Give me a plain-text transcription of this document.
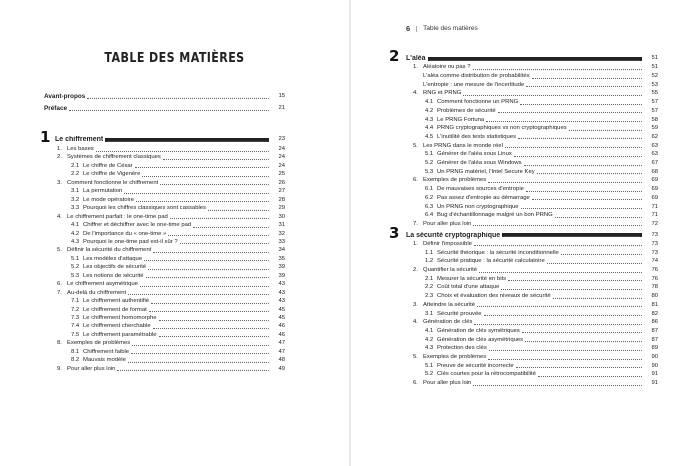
TABLE DES MATIÈRES
Avant-propos	15
Préface	21
1 Le chiffrement	23
1. Les bases	24
2. Systèmes de chiffrement classiques	24
2.1 Le chiffre de César	24
2.2 Le chiffre de Vigenère	25
3. Comment fonctionne le chiffrement	26
3.1 La permutation	27
3.2 Le mode opératoire	28
3.3 Pourquoi les chiffres classiques sont cassables	29
4. Le chiffrement parfait : le one-time pad	30
4.1 Chiffrer et déchiffrer avec le one-time pad	31
4.2 De l'importance du « one-time »	32
4.3 Pourquoi le one-time pad est-il sûr ?	33
5. Définir la sécurité du chiffrement	34
5.1 Les modèles d'attaque	35
5.2 Les objectifs de sécurité	39
5.3 Les notions de sécurité	39
6. Le chiffrement asymétrique	43
7. Au-delà du chiffrement	43
7.1 Le chiffrement authentifié	43
7.2 Le chiffrement de format	45
7.3 Le chiffrement homomorphe	45
7.4 Le chiffrement cherchable	46
7.5 Le chiffrement paramétrable	46
8. Exemples de problèmes	47
8.1 Chiffrement faible	47
8.2 Mauvais modèle	48
9. Pour aller plus loin	49
6 Table des matières
2 L'aléa	51
1. Aléatoire ou pas ?	51
L'aléa comme distribution de probabilités	52
L'entropie : une mesure de l'incertitude	53
4. RNG et PRNG	55
4.1 Comment fonctionne un PRNG	57
4.2 Problèmes de sécurité	57
4.3 Le PRNG Fortuna	58
4.4 PRNG cryptographiques vs non cryptographiques	59
4.5 L'inutilité des tests statistiques	62
5. Les PRNG dans le monde réel	63
5.1 Générer de l'aléa sous Linux	63
5.2 Générer de l'aléa sous Windows	67
5.3 Un PRNG matériel, l'Intel Secure Key	68
6. Exemples de problèmes	69
6.1 De mauvaises sources d'entropie	69
6.2 Pas assez d'entropie au démarrage	69
6.3 Un PRNG non cryptographique	71
6.4 Bug d'échantillonnage malgré un bon PRNG	71
7. Pour aller plus loin	72
3 La sécurité cryptographique	73
1. Définir l'impossible	73
1.1 Sécurité théorique : la sécurité inconditionnelle	73
1.2 Sécurité pratique : la sécurité calculatoire	74
2. Quantifier la sécurité	76
2.1 Mesurer la sécurité en bits	76
2.2 Coût total d'une attaque	78
2.3 Choix et évaluation des niveaux de sécurité	80
3. Atteindre la sécurité	81
3.1 Sécurité prouvée	82
4. Génération de clés	86
4.1 Génération de clés symétriques	87
4.2 Génération de clés asymétriques	87
4.3 Protection des clés	89
5. Exemples de problèmes	90
5.1 Preuve de sécurité incorrecte	90
5.2 Clés courtes pour la rétrocompatibilité	91
6. Pour aller plus loin	91
